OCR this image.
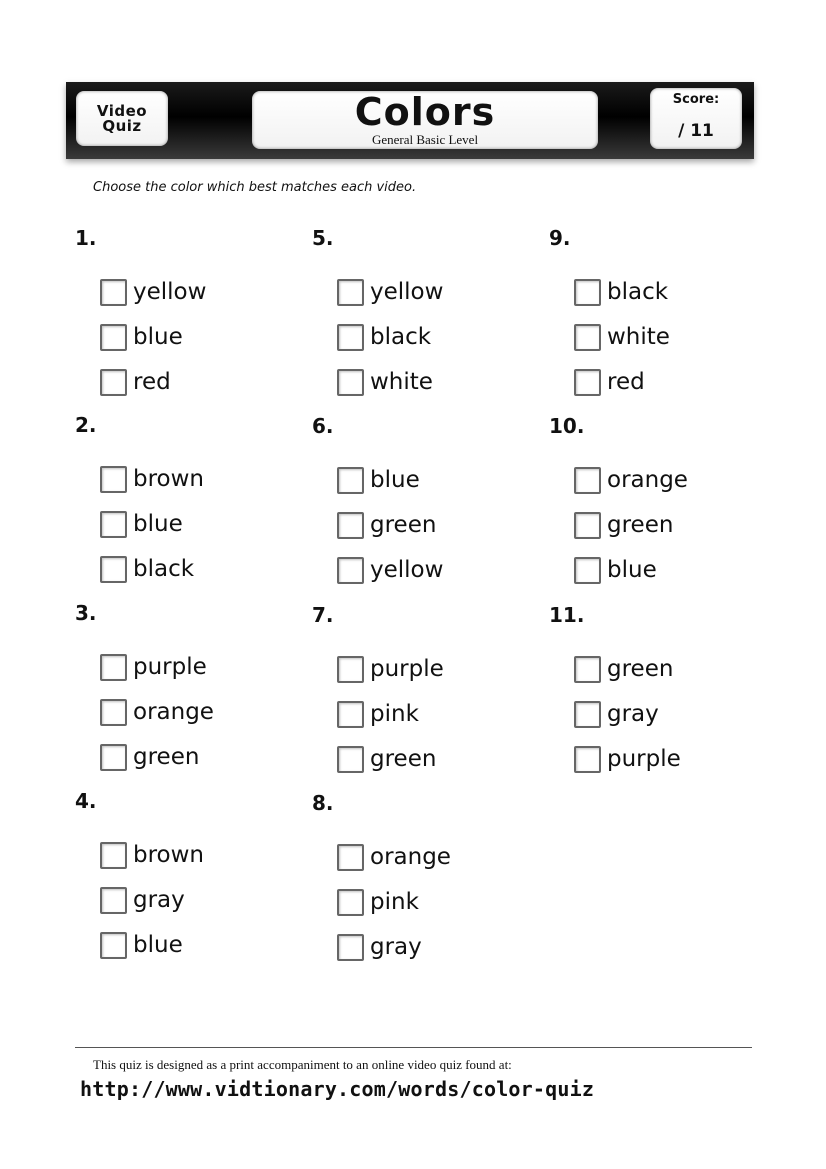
Video
Quiz	Colors
General Basic Level
Score:
/ 11
Choose the color which best matches each video.
1.
yellow
blue
red
2.
brown
blue
black
3.
purple
orange
green
4.
brown
gray
blue
5.
yellow
black
white
6.
blue
green
yellow
7.
purple
pink
green
8.
orange
pink
gray
9.
black
white
red
10.
orange
green
blue
11.
green
gray
purple
This quiz is designed as a print accompaniment to an online video quiz found at:
http://www.vidtionary.com/words/color-quiz
